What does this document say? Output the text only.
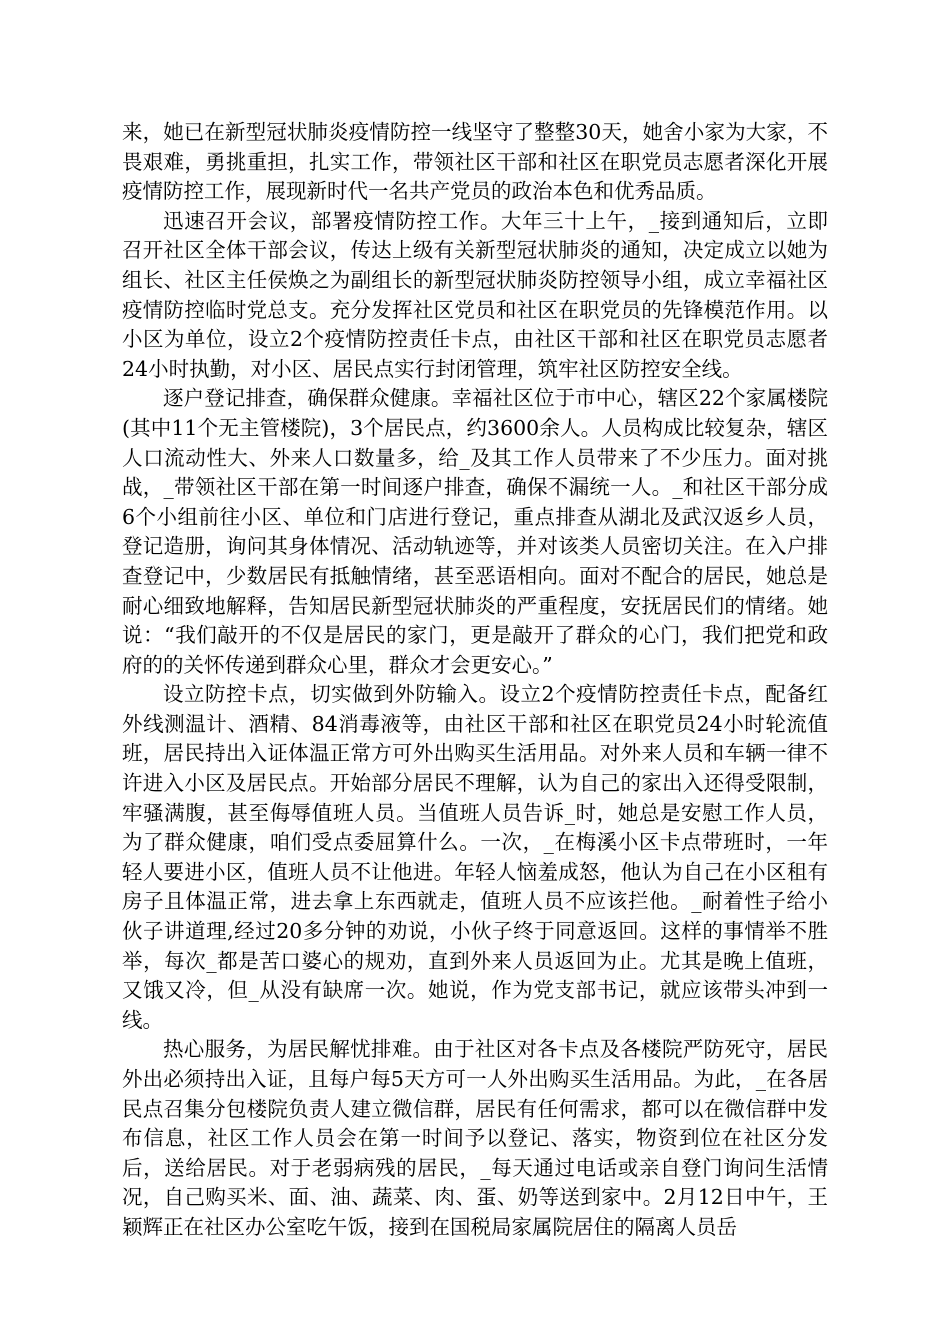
来，她已在新型冠状肺炎疫情防控一线坚守了整整30天，她舍小家为大家，不畏艰难，勇挑重担，扎实工作，带领社区干部和社区在职党员志愿者深化开展疫情防控工作，展现新时代一名共产党员的政治本色和优秀品质。

迅速召开会议，部署疫情防控工作。大年三十上午，_接到通知后，立即召开社区全体干部会议，传达上级有关新型冠状肺炎的通知，决定成立以她为组长、社区主任侯焕之为副组长的新型冠状肺炎防控领导小组，成立幸福社区疫情防控临时党总支。充分发挥社区党员和社区在职党员的先锋模范作用。以小区为单位，设立2个疫情防控责任卡点，由社区干部和社区在职党员志愿者24小时执勤，对小区、居民点实行封闭管理，筑牢社区防控安全线。

逐户登记排查，确保群众健康。幸福社区位于市中心，辖区22个家属楼院(其中11个无主管楼院)，3个居民点，约3600余人。人员构成比较复杂，辖区人口流动性大、外来人口数量多，给_及其工作人员带来了不少压力。面对挑战，_带领社区干部在第一时间逐户排查，确保不漏统一人。_和社区干部分成6个小组前往小区、单位和门店进行登记，重点排查从湖北及武汉返乡人员，登记造册，询问其身体情况、活动轨迹等，并对该类人员密切关注。在入户排查登记中，少数居民有抵触情绪，甚至恶语相向。面对不配合的居民，她总是耐心细致地解释，告知居民新型冠状肺炎的严重程度，安抚居民们的情绪。她说：“我们敲开的不仅是居民的家门，更是敲开了群众的心门，我们把党和政府的的关怀传递到群众心里，群众才会更安心。”

设立防控卡点，切实做到外防输入。设立2个疫情防控责任卡点，配备红外线测温计、酒精、84消毒液等，由社区干部和社区在职党员24小时轮流值班，居民持出入证体温正常方可外出购买生活用品。对外来人员和车辆一律不许进入小区及居民点。开始部分居民不理解，认为自己的家出入还得受限制，牢骚满腹，甚至侮辱值班人员。当值班人员告诉_时，她总是安慰工作人员，为了群众健康，咱们受点委屈算什么。一次，_在梅溪小区卡点带班时，一年轻人要进小区，值班人员不让他进。年轻人恼羞成怒，他认为自己在小区租有房子且体温正常，进去拿上东西就走，值班人员不应该拦他。_耐着性子给小伙子讲道理,经过20多分钟的劝说，小伙子终于同意返回。这样的事情举不胜举，每次_都是苦口婆心的规劝，直到外来人员返回为止。尤其是晚上值班，又饿又冷，但_从没有缺席一次。她说，作为党支部书记，就应该带头冲到一线。

热心服务，为居民解忧排难。由于社区对各卡点及各楼院严防死守，居民外出必须持出入证，且每户每5天方可一人外出购买生活用品。为此，_在各居民点召集分包楼院负责人建立微信群，居民有任何需求，都可以在微信群中发布信息，社区工作人员会在第一时间予以登记、落实，物资到位在社区分发后，送给居民。对于老弱病残的居民，_每天通过电话或亲自登门询问生活情况，自己购买米、面、油、蔬菜、肉、蛋、奶等送到家中。2月12日中午，王颖辉正在社区办公室吃午饭，接到在国税局家属院居住的隔离人员岳
